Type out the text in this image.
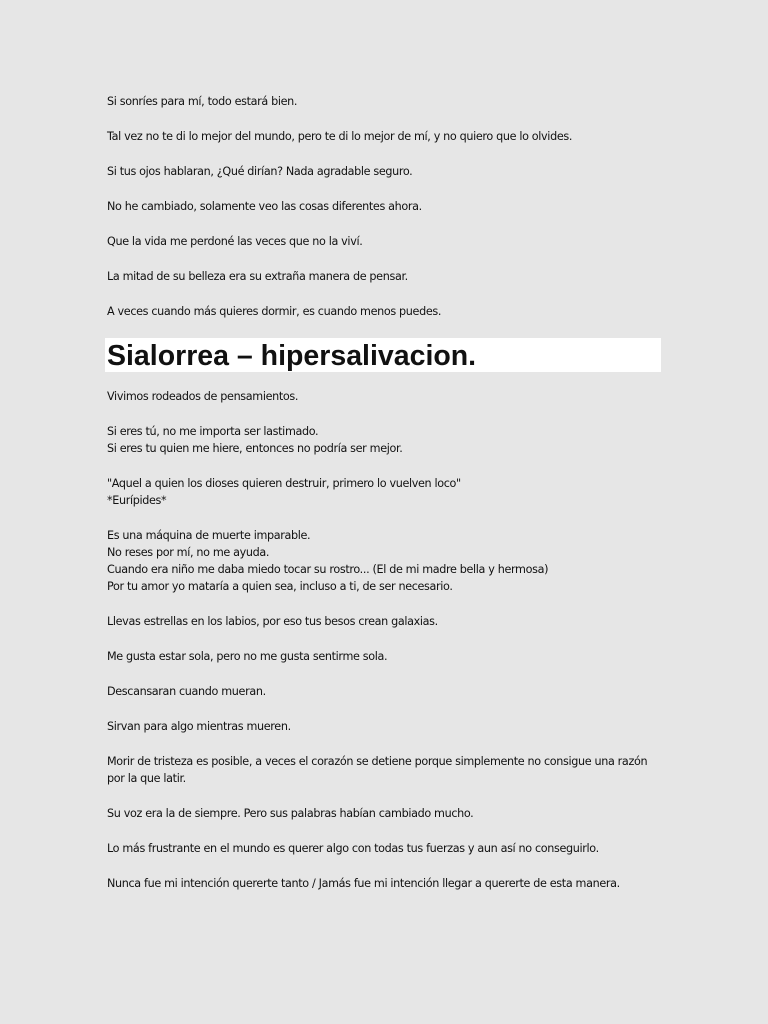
Si sonríes para mí, todo estará bien.

Tal vez no te di lo mejor del mundo, pero te di lo mejor de mí, y no quiero que lo olvides.

Si tus ojos hablaran, ¿Qué dirían? Nada agradable seguro.

No he cambiado, solamente veo las cosas diferentes ahora.

Que la vida me perdoné las veces que no la viví.

La mitad de su belleza era su extraña manera de pensar.

A veces cuando más quieres dormir, es cuando menos puedes.

Sialorrea – hipersalivacion.

Vivimos rodeados de pensamientos.

Si eres tú, no me importa ser lastimado.
Si eres tu quien me hiere, entonces no podría ser mejor.

"Aquel a quien los dioses quieren destruir, primero lo vuelven loco"
*Eurípides*

Es una máquina de muerte imparable.
No reses por mí, no me ayuda.
Cuando era niño me daba miedo tocar su rostro... (El de mi madre bella y hermosa)
Por tu amor yo mataría a quien sea, incluso a ti, de ser necesario.

Llevas estrellas en los labios, por eso tus besos crean galaxias.

Me gusta estar sola, pero no me gusta sentirme sola.

Descansaran cuando mueran.

Sirvan para algo mientras mueren.

Morir de tristeza es posible, a veces el corazón se detiene porque simplemente no consigue una razón por la que latir.

Su voz era la de siempre. Pero sus palabras habían cambiado mucho.

Lo más frustrante en el mundo es querer algo con todas tus fuerzas y aun así no conseguirlo.

Nunca fue mi intención quererte tanto / Jamás fue mi intención llegar a quererte de esta manera.
